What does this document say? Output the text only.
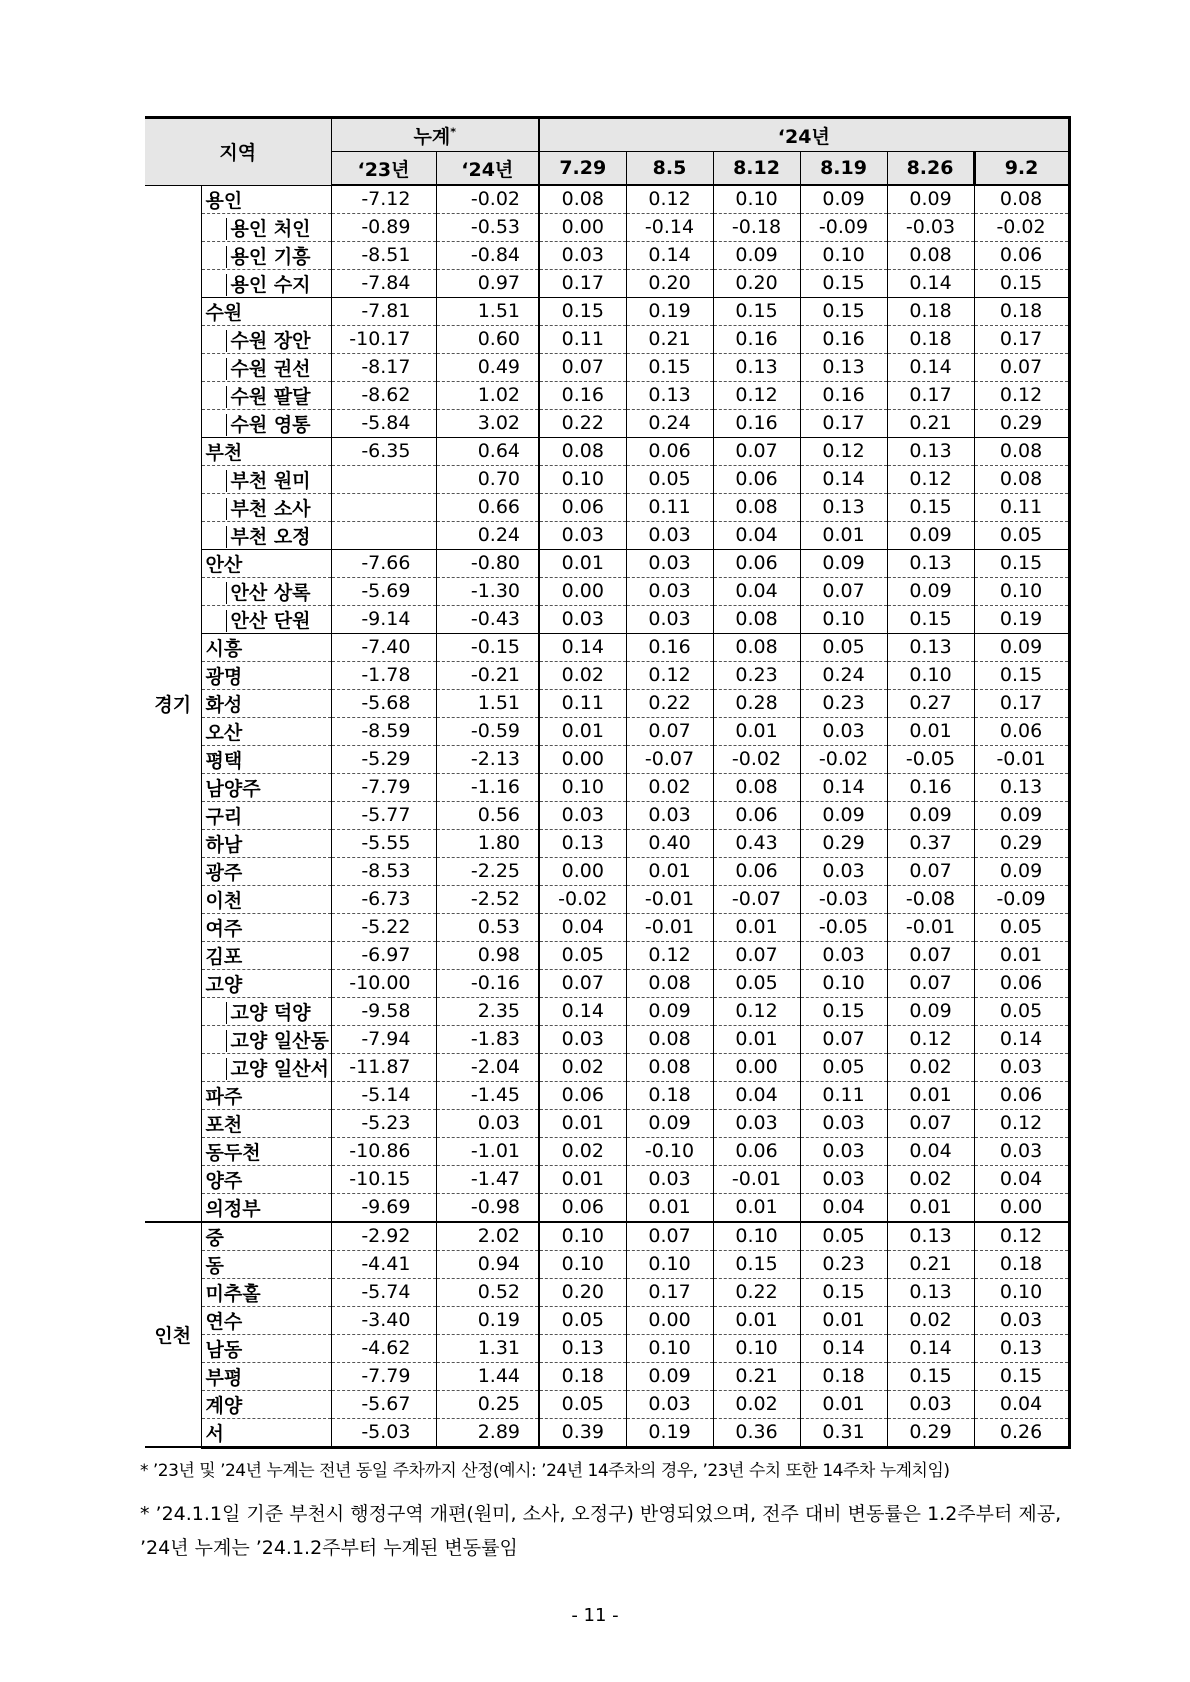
지역		누계*		‘24년					
		‘23년	‘24년	7.29	8.5	8.12	8.19	8.26	9.2
경기	용인	-7.12	-0.02	0.08	0.12	0.10	0.09	0.09	0.08
	용인 처인	-0.89	-0.53	0.00	-0.14	-0.18	-0.09	-0.03	-0.02
	용인 기흥	-8.51	-0.84	0.03	0.14	0.09	0.10	0.08	0.06
	용인 수지	-7.84	0.97	0.17	0.20	0.20	0.15	0.14	0.15
	수원	-7.81	1.51	0.15	0.19	0.15	0.15	0.18	0.18
	수원 장안	-10.17	0.60	0.11	0.21	0.16	0.16	0.18	0.17
	수원 권선	-8.17	0.49	0.07	0.15	0.13	0.13	0.14	0.07
	수원 팔달	-8.62	1.02	0.16	0.13	0.12	0.16	0.17	0.12
	수원 영통	-5.84	3.02	0.22	0.24	0.16	0.17	0.21	0.29
	부천	-6.35	0.64	0.08	0.06	0.07	0.12	0.13	0.08
	부천 원미		0.70	0.10	0.05	0.06	0.14	0.12	0.08
	부천 소사		0.66	0.06	0.11	0.08	0.13	0.15	0.11
	부천 오정		0.24	0.03	0.03	0.04	0.01	0.09	0.05
	안산	-7.66	-0.80	0.01	0.03	0.06	0.09	0.13	0.15
	안산 상록	-5.69	-1.30	0.00	0.03	0.04	0.07	0.09	0.10
	안산 단원	-9.14	-0.43	0.03	0.03	0.08	0.10	0.15	0.19
	시흥	-7.40	-0.15	0.14	0.16	0.08	0.05	0.13	0.09
	광명	-1.78	-0.21	0.02	0.12	0.23	0.24	0.10	0.15
	화성	-5.68	1.51	0.11	0.22	0.28	0.23	0.27	0.17
	오산	-8.59	-0.59	0.01	0.07	0.01	0.03	0.01	0.06
	평택	-5.29	-2.13	0.00	-0.07	-0.02	-0.02	-0.05	-0.01
	남양주	-7.79	-1.16	0.10	0.02	0.08	0.14	0.16	0.13
	구리	-5.77	0.56	0.03	0.03	0.06	0.09	0.09	0.09
	하남	-5.55	1.80	0.13	0.40	0.43	0.29	0.37	0.29
	광주	-8.53	-2.25	0.00	0.01	0.06	0.03	0.07	0.09
	이천	-6.73	-2.52	-0.02	-0.01	-0.07	-0.03	-0.08	-0.09
	여주	-5.22	0.53	0.04	-0.01	0.01	-0.05	-0.01	0.05
	김포	-6.97	0.98	0.05	0.12	0.07	0.03	0.07	0.01
	고양	-10.00	-0.16	0.07	0.08	0.05	0.10	0.07	0.06
	고양 덕양	-9.58	2.35	0.14	0.09	0.12	0.15	0.09	0.05
	고양 일산동	-7.94	-1.83	0.03	0.08	0.01	0.07	0.12	0.14
	고양 일산서	-11.87	-2.04	0.02	0.08	0.00	0.05	0.02	0.03
	파주	-5.14	-1.45	0.06	0.18	0.04	0.11	0.01	0.06
	포천	-5.23	0.03	0.01	0.09	0.03	0.03	0.07	0.12
	동두천	-10.86	-1.01	0.02	-0.10	0.06	0.03	0.04	0.03
	양주	-10.15	-1.47	0.01	0.03	-0.01	0.03	0.02	0.04
	의정부	-9.69	-0.98	0.06	0.01	0.01	0.04	0.01	0.00
인천	중	-2.92	2.02	0.10	0.07	0.10	0.05	0.13	0.12
	동	-4.41	0.94	0.10	0.10	0.15	0.23	0.21	0.18
	미추홀	-5.74	0.52	0.20	0.17	0.22	0.15	0.13	0.10
	연수	-3.40	0.19	0.05	0.00	0.01	0.01	0.02	0.03
	남동	-4.62	1.31	0.13	0.10	0.10	0.14	0.14	0.13
	부평	-7.79	1.44	0.18	0.09	0.21	0.18	0.15	0.15
	계양	-5.67	0.25	0.05	0.03	0.02	0.01	0.03	0.04
	서	-5.03	2.89	0.39	0.19	0.36	0.31	0.29	0.26
* ’23년 및 ’24년 누계는 전년 동일 주차까지 산정(예시: ’24년 14주차의 경우, ’23년 수치 또한 14주차 누계치임)
* ’24.1.1일 기준 부천시 행정구역 개편(원미, 소사, 오정구) 반영되었으며, 전주 대비 변동률은 1.2주부터 제공, ’24년 누계는 ’24.1.2주부터 누계된 변동률임
- 11 -
